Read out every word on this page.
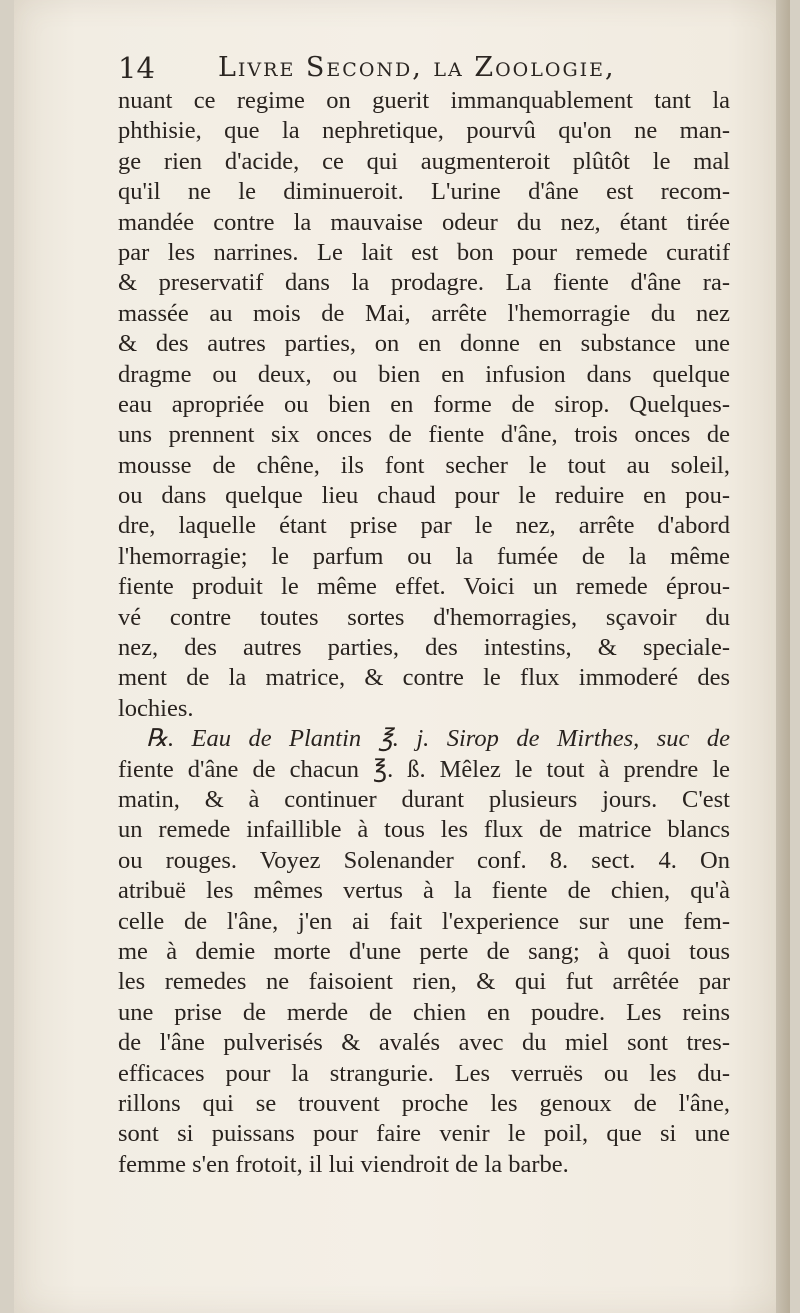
14 Livre Second, la Zoologie,
nuant ce regime on guerit immanquablement tant la
phthisie, que la nephretique, pourvû qu'on ne man-
ge rien d'acide, ce qui augmenteroit plûtôt le mal
qu'il ne le diminueroit. L'urine d'âne est recom-
mandée contre la mauvaise odeur du nez, étant tirée
par les narrines. Le lait est bon pour remede curatif
& preservatif dans la prodagre. La fiente d'âne ra-
massée au mois de Mai, arrête l'hemorragie du nez
& des autres parties, on en donne en substance une
dragme ou deux, ou bien en infusion dans quelque
eau apropriée ou bien en forme de sirop. Quelques-
uns prennent six onces de fiente d'âne, trois onces de
mousse de chêne, ils font secher le tout au soleil,
ou dans quelque lieu chaud pour le reduire en pou-
dre, laquelle étant prise par le nez, arrête d'abord
l'hemorragie; le parfum ou la fumée de la même
fiente produit le même effet. Voici un remede éprou-
vé contre toutes sortes d'hemorragies, sçavoir du
nez, des autres parties, des intestins, & speciale-
ment de la matrice, & contre le flux immoderé des
lochies.
℞. Eau de Plantin ℥. j. Sirop de Mirthes, suc de
fiente d'âne de chacun ℥. ß. Mêlez le tout à prendre le
matin, & à continuer durant plusieurs jours. C'est
un remede infaillible à tous les flux de matrice blancs
ou rouges. Voyez Solenander conf. 8. sect. 4. On
atribuë les mêmes vertus à la fiente de chien, qu'à
celle de l'âne, j'en ai fait l'experience sur une fem-
me à demie morte d'une perte de sang; à quoi tous
les remedes ne faisoient rien, & qui fut arrêtée par
une prise de merde de chien en poudre. Les reins
de l'âne pulverisés & avalés avec du miel sont tres-
efficaces pour la strangurie. Les verruës ou les du-
rillons qui se trouvent proche les genoux de l'âne,
sont si puissans pour faire venir le poil, que si une
femme s'en frotoit, il lui viendroit de la barbe.
